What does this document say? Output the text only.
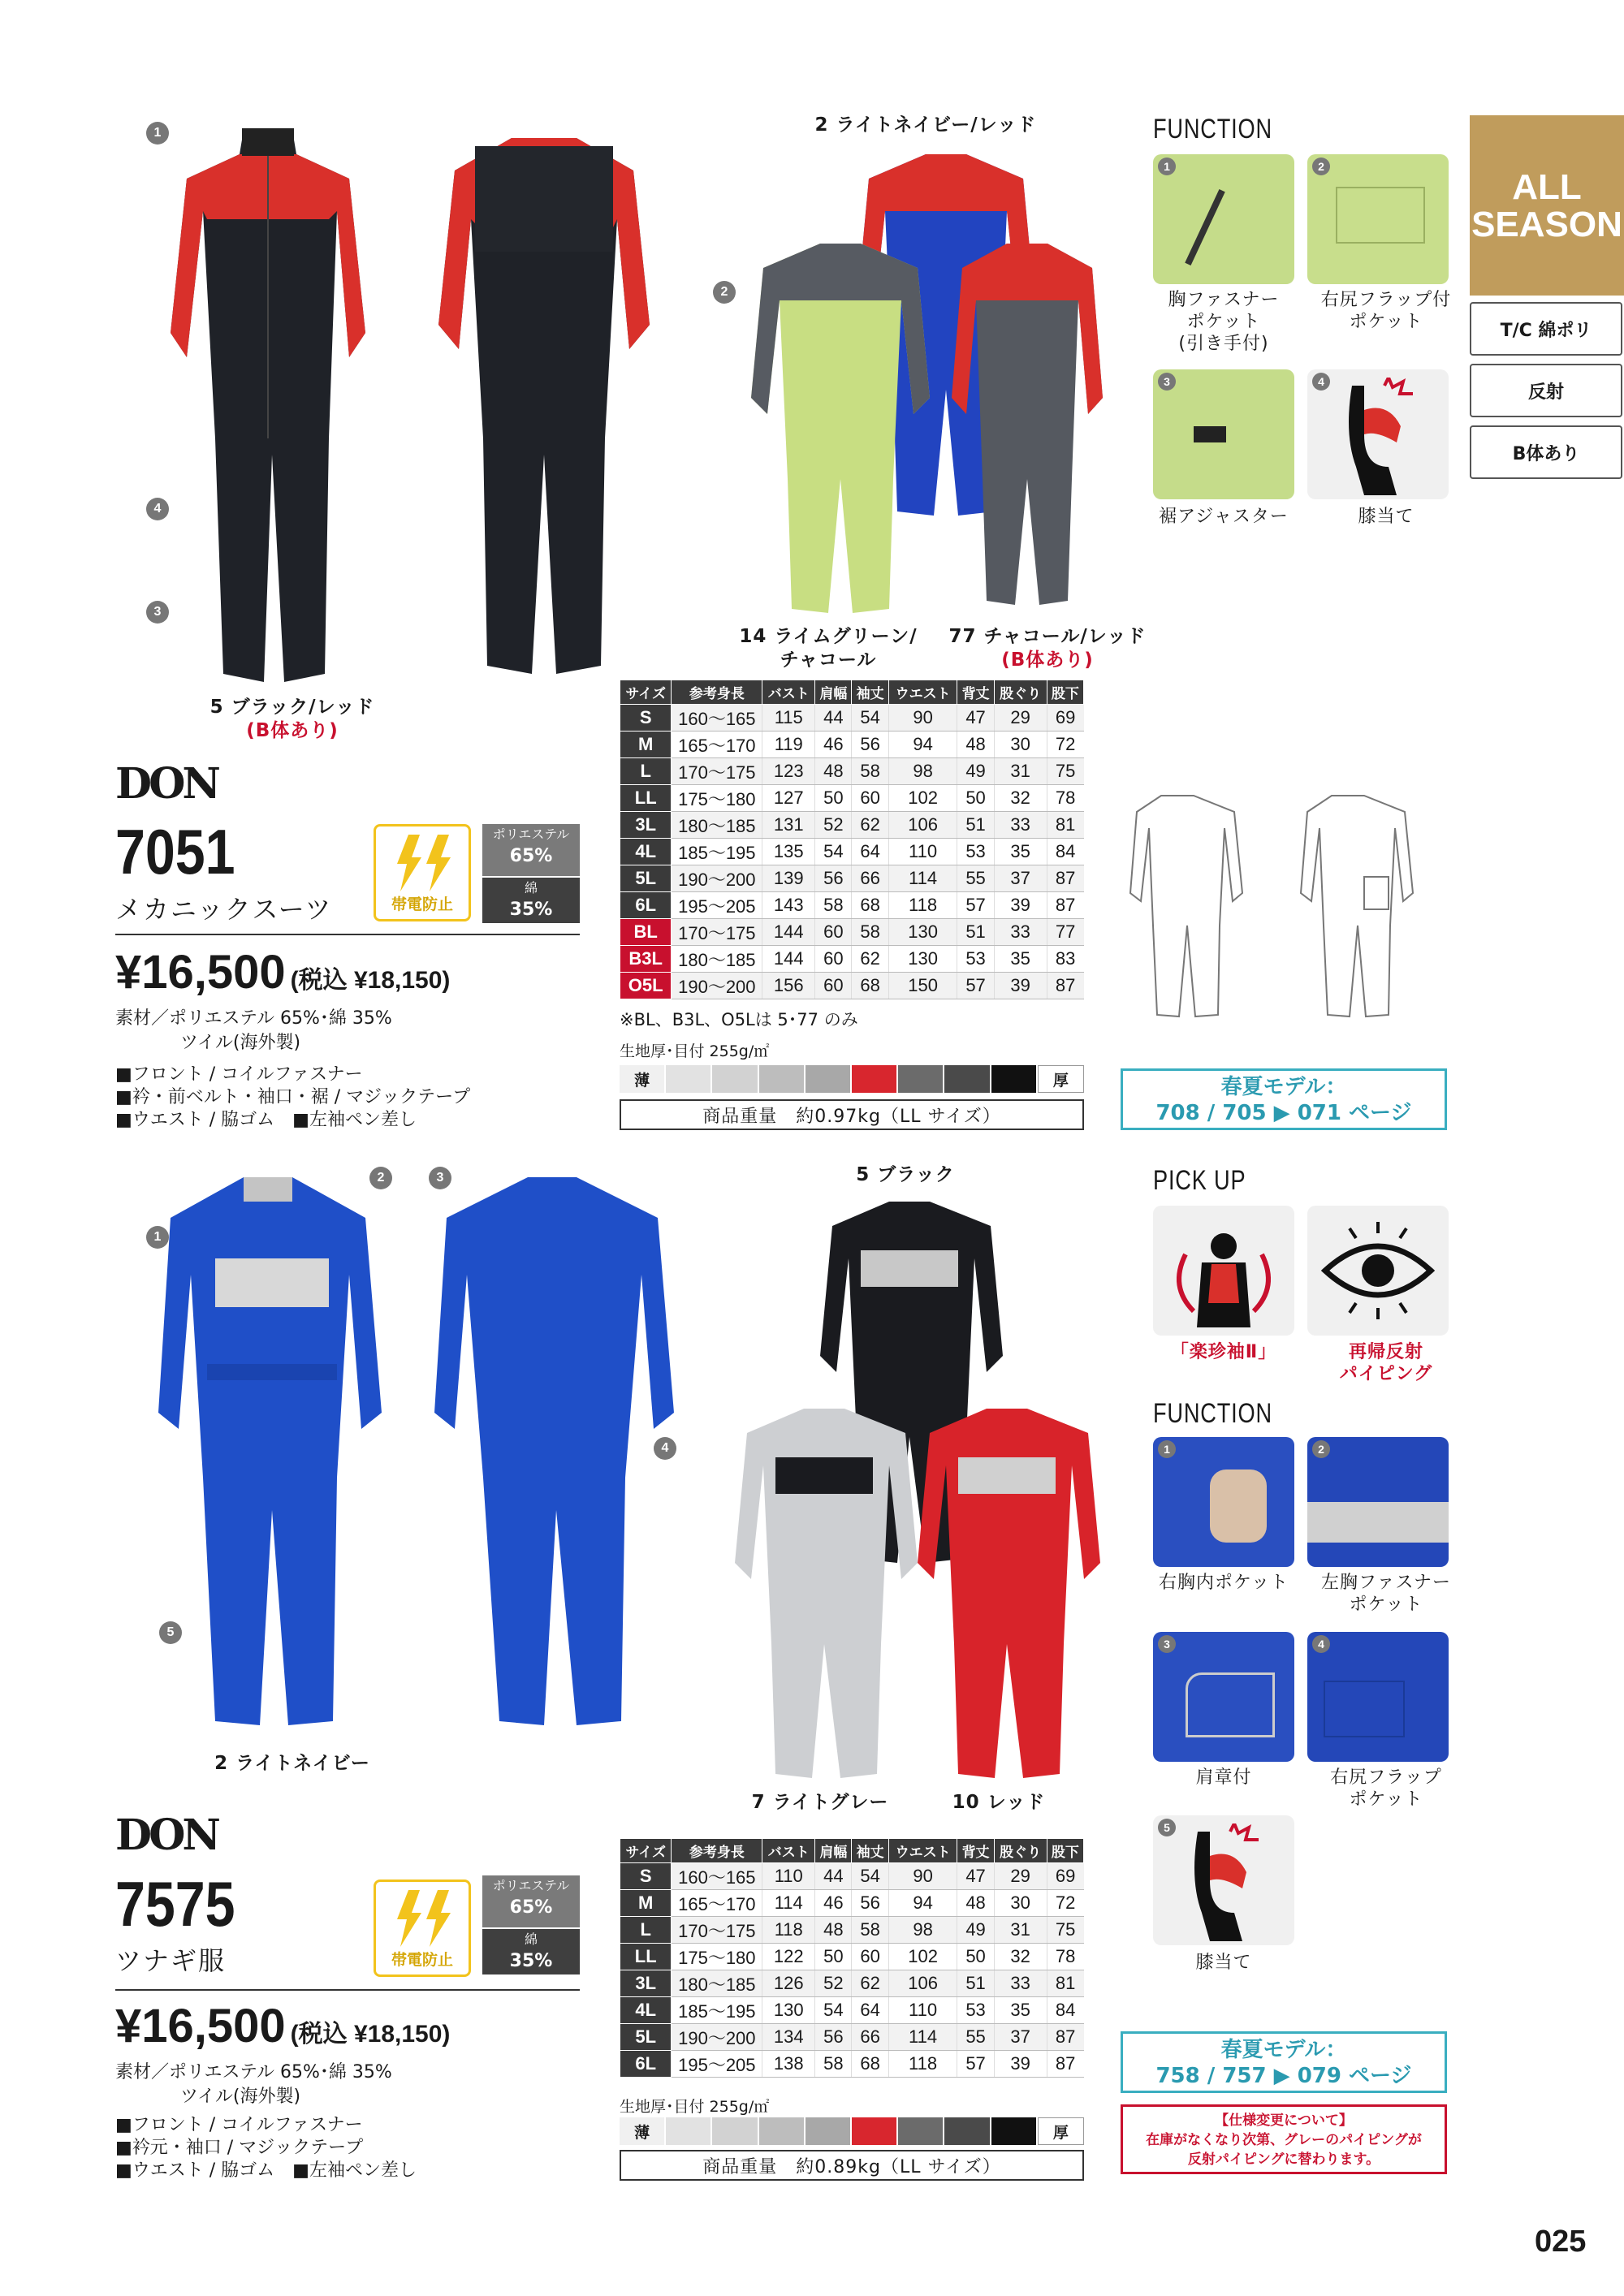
1
4
3
2
5 ブラック/レッド
(B体あり)
2 ライトネイビー/レッド
14 ライムグリーン/
チャコール
77 チャコール/レッド
(B体あり)
DON
7051
メカニックスーツ	帯電防止
ポリエステル
65%
綿
35%
¥16,500 (税込 ¥18,150)
素材／ポリエステル 65%･綿 35%
ツイル(海外製)
■フロント / コイルファスナー
■衿・前ベルト・袖口・裾 / マジックテープ
■ウエスト / 脇ゴム　■左袖ペン差し
サイズ	参考身長	バスト	肩幅	袖丈	ウエスト	背丈	股ぐり	股下
S	160～165	115	44	54	90	47	29	69
M	165～170	119	46	56	94	48	30	72
L	170～175	123	48	58	98	49	31	75
LL	175～180	127	50	60	102	50	32	78
3L	180～185	131	52	62	106	51	33	81
4L	185～195	135	54	64	110	53	35	84
5L	190～200	139	56	66	114	55	37	87
6L	195～205	143	58	68	118	57	39	87
BL	170～175	144	60	58	130	51	33	77
B3L	180～185	144	60	62	130	53	35	83
O5L	190～200	156	60	68	150	57	39	87
※BL、B3L、O5Lは 5･77 のみ
生地厚･目付 255g/㎡
薄	厚
商品重量　約0.97kg（LL サイズ）
春夏モデル：
708 / 705 ▶ 071 ページ
FUNCTION
1	2
胸ファスナー
ポケット
(引き手付)
右尻フラップ付
ポケット
3	4
裾アジャスター	膝当て
ALL
SEASON
T/C 綿ポリ
反射
B体あり
1
2	3
4
5
2 ライトネイビー
5 ブラック
7 ライトグレー	10 レッド
DON
7575
ツナギ服	帯電防止
ポリエステル
65%
綿
35%
¥16,500 (税込 ¥18,150)
素材／ポリエステル 65%･綿 35%
ツイル(海外製)
■フロント / コイルファスナー
■衿元・袖口 / マジックテープ
■ウエスト / 脇ゴム　■左袖ペン差し
サイズ	参考身長	バスト	肩幅	袖丈	ウエスト	背丈	股ぐり	股下
S	160～165	110	44	54	90	47	29	69
M	165～170	114	46	56	94	48	30	72
L	170～175	118	48	58	98	49	31	75
LL	175～180	122	50	60	102	50	32	78
3L	180～185	126	52	62	106	51	33	81
4L	185～195	130	54	64	110	53	35	84
5L	190～200	134	56	66	114	55	37	87
6L	195～205	138	58	68	118	57	39	87
生地厚･目付 255g/㎡
薄	厚
商品重量　約0.89kg（LL サイズ）
PICK UP
「楽珍袖Ⅱ」	再帰反射
パイピング
FUNCTION
1	2
右胸内ポケット	左胸ファスナー
ポケット
3	4
肩章付	右尻フラップ
ポケット
5
膝当て
春夏モデル：
758 / 757 ▶ 079 ページ
【仕様変更について】
在庫がなくなり次第、グレーのパイピングが
反射パイピングに替わります。
025
